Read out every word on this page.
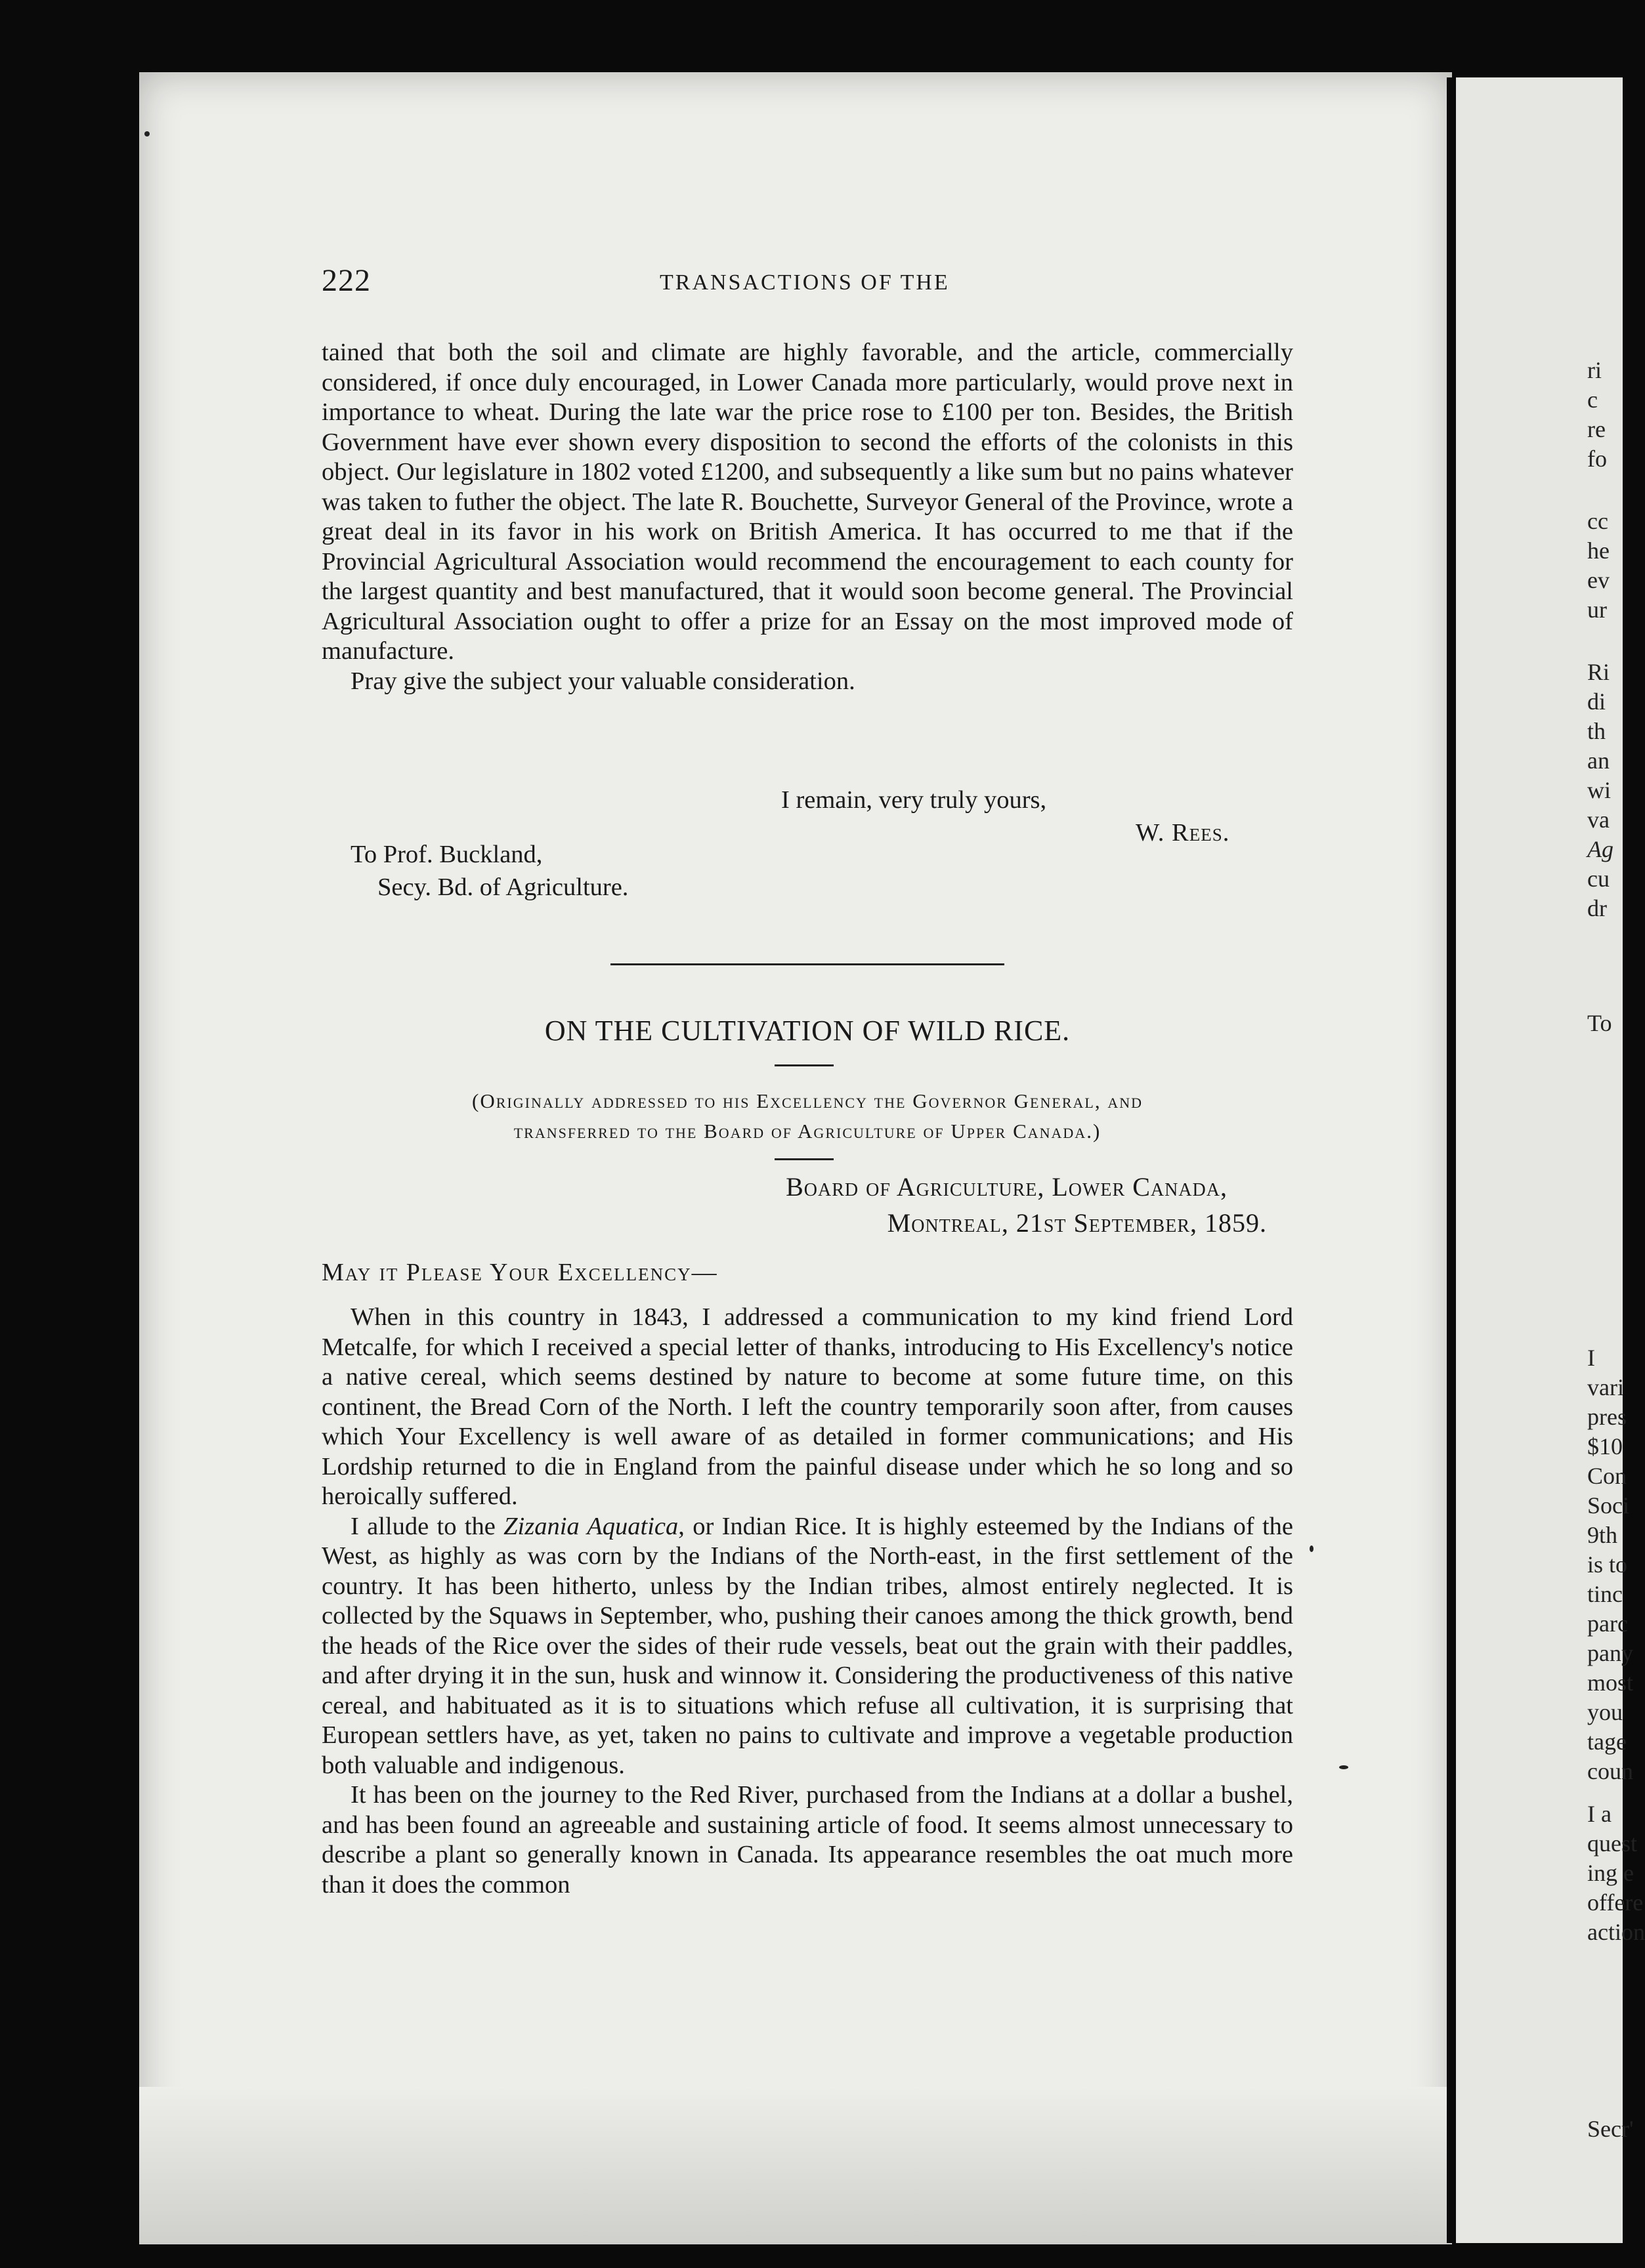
ri
c
re
fo
cc
he
ev
ur
Ri
di
th
an
wi
va
Ag
cu
dr
To
I
vari
pres
$10
Con
Soci
9th
is to
tinc
parc
pany
most
you
tage
coun
I a
quest
ing e
offere
action
Secr'
222	TRANSACTIONS OF THE

tained that both the soil and climate are highly favorable, and the article, commercially considered, if once duly encouraged, in Lower Canada more particularly, would prove next in importance to wheat. During the late war the price rose to £100 per ton. Besides, the British Government have ever shown every disposition to second the efforts of the colonists in this object. Our legislature in 1802 voted £1200, and subsequently a like sum but no pains whatever was taken to futher the object. The late R. Bouchette, Surveyor General of the Province, wrote a great deal in its favor in his work on British America. It has occurred to me that if the Provincial Agricultural Association would recommend the encouragement to each county for the largest quantity and best manufactured, that it would soon become general. The Provincial Agricultural Association ought to offer a prize for an Essay on the most improved mode of manufacture.

Pray give the subject your valuable consideration.

I remain, very truly yours,
W. Rees.
To Prof. Buckland,
Secy. Bd. of Agriculture.
ON THE CULTIVATION OF WILD RICE.
(Originally addressed to his Excellency the Governor General, and
transferred to the Board of Agriculture of Upper Canada.)
Board of Agriculture, Lower Canada,
Montreal, 21st September, 1859.
May it Please Your Excellency—

When in this country in 1843, I addressed a communication to my kind friend Lord Metcalfe, for which I received a special letter of thanks, introducing to His Excellency's notice a native cereal, which seems destined by nature to become at some future time, on this continent, the Bread Corn of the North. I left the country temporarily soon after, from causes which Your Excellency is well aware of as detailed in former communications; and His Lordship returned to die in England from the painful disease under which he so long and so heroically suffered.

I allude to the Zizania Aquatica, or Indian Rice. It is highly esteemed by the Indians of the West, as highly as was corn by the Indians of the North-east, in the first settlement of the country. It has been hitherto, unless by the Indian tribes, almost entirely neglected. It is collected by the Squaws in September, who, pushing their canoes among the thick growth, bend the heads of the Rice over the sides of their rude vessels, beat out the grain with their paddles, and after drying it in the sun, husk and winnow it. Considering the productiveness of this native cereal, and habituated as it is to situations which refuse all cultivation, it is surprising that European settlers have, as yet, taken no pains to cultivate and improve a vegetable production both valuable and indigenous.

It has been on the journey to the Red River, purchased from the Indians at a dollar a bushel, and has been found an agreeable and sustaining article of food. It seems almost unnecessary to describe a plant so generally known in Canada. Its appearance resembles the oat much more than it does the common
